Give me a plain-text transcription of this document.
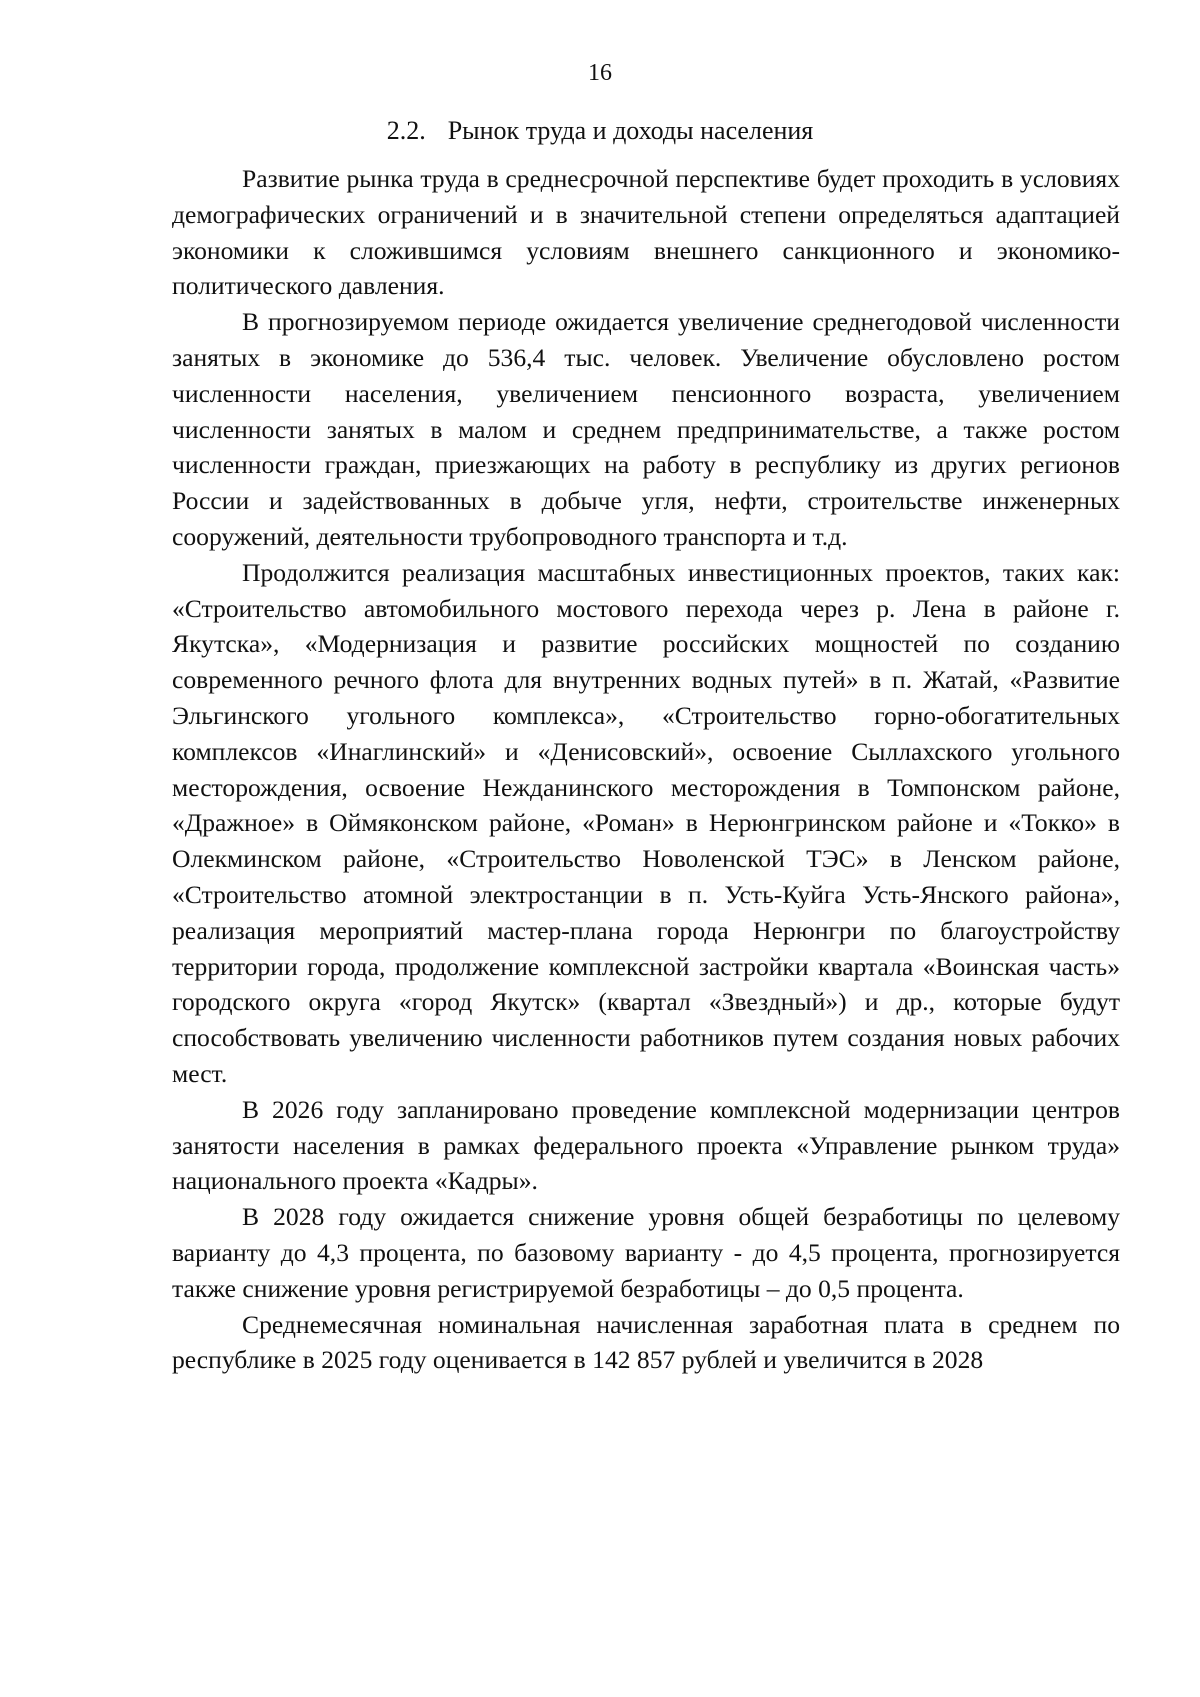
16
2.2. Рынок труда и доходы населения

Развитие рынка труда в среднесрочной перспективе будет проходить в условиях демографических ограничений и в значительной степени определяться адаптацией экономики к сложившимся условиям внешнего санкционного и экономико-политического давления.

В прогнозируемом периоде ожидается увеличение среднегодовой численности занятых в экономике до 536,4 тыс. человек. Увеличение обусловлено ростом численности населения, увеличением пенсионного возраста, увеличением численности занятых в малом и среднем предпринимательстве, а также ростом численности граждан, приезжающих на работу в республику из других регионов России и задействованных в добыче угля, нефти, строительстве инженерных сооружений, деятельности трубопроводного транспорта и т.д.

Продолжится реализация масштабных инвестиционных проектов, таких как: «Строительство автомобильного мостового перехода через р. Лена в районе г. Якутска», «Модернизация и развитие российских мощностей по созданию современного речного флота для внутренних водных путей» в п. Жатай, «Развитие Эльгинского угольного комплекса», «Строительство горно-обогатительных комплексов «Инаглинский» и «Денисовский», освоение Сыллахского угольного месторождения, освоение Нежданинского месторождения в Томпонском районе, «Дражное» в Оймяконском районе, «Роман» в Нерюнгринском районе и «Токко» в Олекминском районе, «Строительство Новоленской ТЭС» в Ленском районе, «Строительство атомной электростанции в п. Усть-Куйга Усть-Янского района», реализация мероприятий мастер-плана города Нерюнгри по благоустройству территории города, продолжение комплексной застройки квартала «Воинская часть» городского округа «город Якутск» (квартал «Звездный») и др., которые будут способствовать увеличению численности работников путем создания новых рабочих мест.

В 2026 году запланировано проведение комплексной модернизации центров занятости населения в рамках федерального проекта «Управление рынком труда» национального проекта «Кадры».

В 2028 году ожидается снижение уровня общей безработицы по целевому варианту до 4,3 процента, по базовому варианту - до 4,5 процента, прогнозируется также снижение уровня регистрируемой безработицы – до 0,5 процента.

Среднемесячная номинальная начисленная заработная плата в среднем по республике в 2025 году оценивается в 142 857 рублей и увеличится в 2028
